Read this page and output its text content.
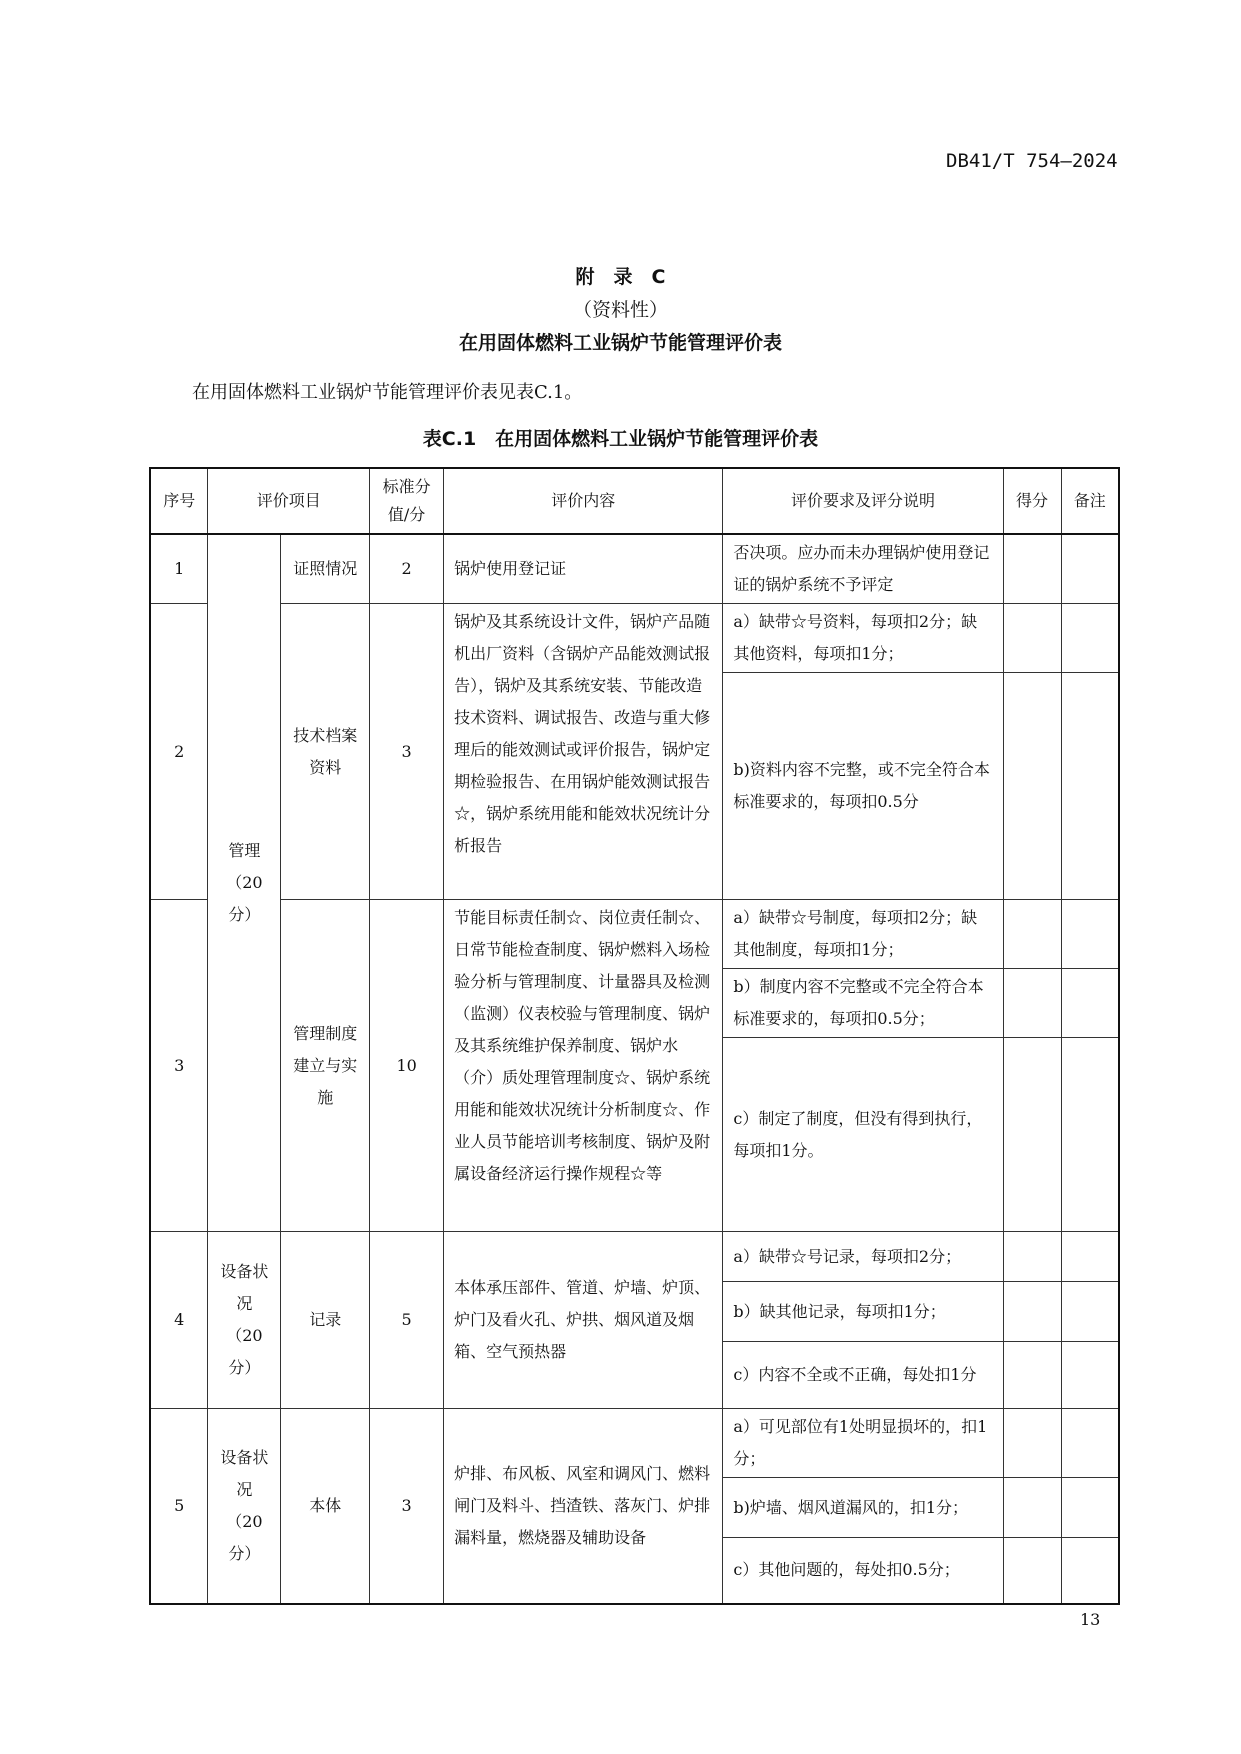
DB41/T 754—2024
附　录　C
（资料性）
在用固体燃料工业锅炉节能管理评价表
在用固体燃料工业锅炉节能管理评价表见表C.1。
表C.1　在用固体燃料工业锅炉节能管理评价表
序号	评价项目		标准分值/分	评价内容	评价要求及评分说明	得分	备注
1	管理（20分）	证照情况	2	锅炉使用登记证	否决项。应办而未办理锅炉使用登记证的锅炉系统不予评定		
2		技术档案资料	3	锅炉及其系统设计文件，锅炉产品随机出厂资料（含锅炉产品能效测试报告），锅炉及其系统安装、节能改造技术资料、调试报告、改造与重大修理后的能效测试或评价报告，锅炉定期检验报告、在用锅炉能效测试报告☆，锅炉系统用能和能效状况统计分析报告	a）缺带☆号资料，每项扣2分；缺其他资料，每项扣1分；		
					b)资料内容不完整，或不完全符合本标准要求的，每项扣0.5分		
3		管理制度建立与实施	10	节能目标责任制☆、岗位责任制☆、日常节能检查制度、锅炉燃料入场检验分析与管理制度、计量器具及检测（监测）仪表校验与管理制度、锅炉及其系统维护保养制度、锅炉水（介）质处理管理制度☆、锅炉系统用能和能效状况统计分析制度☆、作业人员节能培训考核制度、锅炉及附属设备经济运行操作规程☆等	a）缺带☆号制度，每项扣2分；缺其他制度，每项扣1分；		
					b）制度内容不完整或不完全符合本标准要求的，每项扣0.5分；		
					c）制定了制度，但没有得到执行，每项扣1分。		
4	设备状况（20分）	记录	5	本体承压部件、管道、炉墙、炉顶、炉门及看火孔、炉拱、烟风道及烟箱、空气预热器	a）缺带☆号记录，每项扣2分；		
					b）缺其他记录，每项扣1分；		
					c）内容不全或不正确，每处扣1分		
5	设备状况（20分）	本体	3	炉排、布风板、风室和调风门、燃料闸门及料斗、挡渣铁、落灰门、炉排漏料量，燃烧器及辅助设备	a）可见部位有1处明显损坏的，扣1分；		
					b)炉墙、烟风道漏风的，扣1分；		
					c）其他问题的，每处扣0.5分；		
13
